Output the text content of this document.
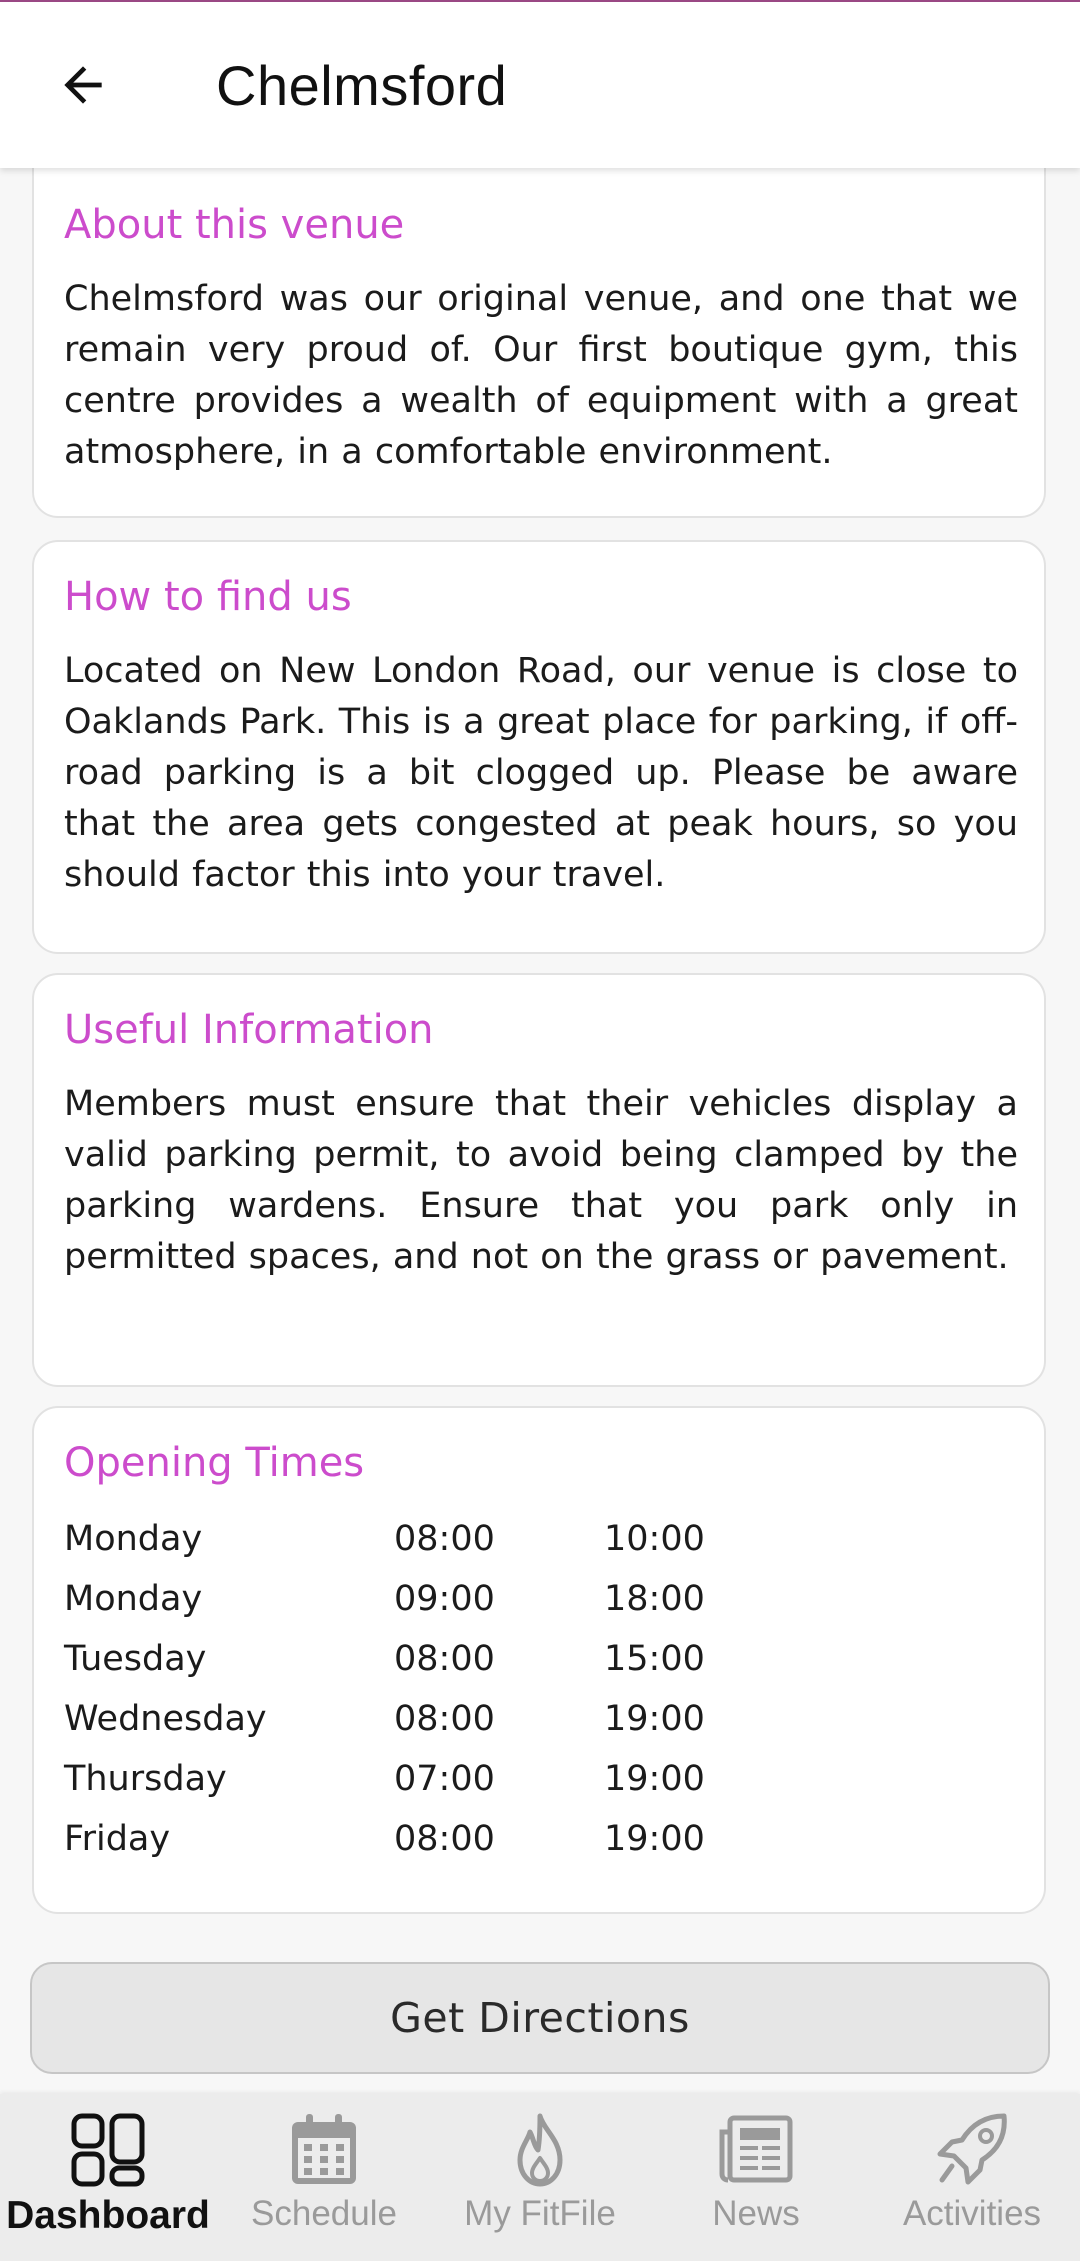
Chelmsford
About this venue
Chelmsford was our original venue, and one that we remain very proud of. Our first boutique gym, this centre provides a wealth of equipment with a great atmosphere, in a comfortable environment.
How to find us
Located on New London Road, our venue is close to Oaklands Park. This is a great place for parking, if off-road parking is a bit clogged up. Please be aware that the area gets congested at peak hours, so you should factor this into your travel.
Useful Information
Members must ensure that their vehicles display a valid parking permit, to avoid being clamped by the parking wardens. Ensure that you park only in permitted spaces, and not on the grass or pavement.
Opening Times
Monday	08:00	10:00
Monday	09:00	18:00
Tuesday	08:00	15:00
Wednesday	08:00	19:00
Thursday	07:00	19:00
Friday	08:00	19:00
Get Directions
Dashboard	Schedule	My FitFile	News	Activities
